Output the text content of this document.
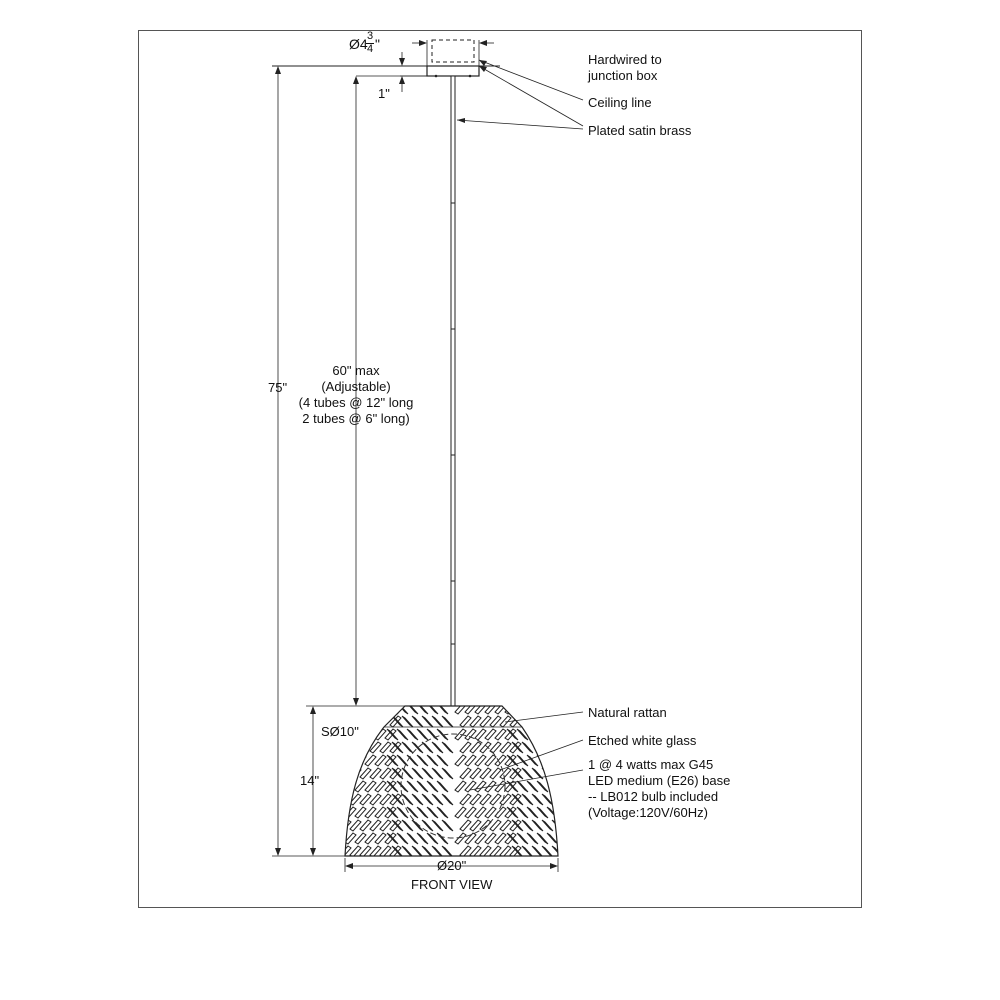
Ø4 3
4 "
1"
75"
60" max
(Adjustable)
(4 tubes @ 12" long
2 tubes @ 6" long)
SØ10"
14"
Ø20"
FRONT VIEW
Hardwired to
junction box
Ceiling line
Plated satin brass
Natural rattan
Etched white glass
1 @ 4 watts max G45
LED medium (E26) base
-- LB012 bulb included
(Voltage:120V/60Hz)
